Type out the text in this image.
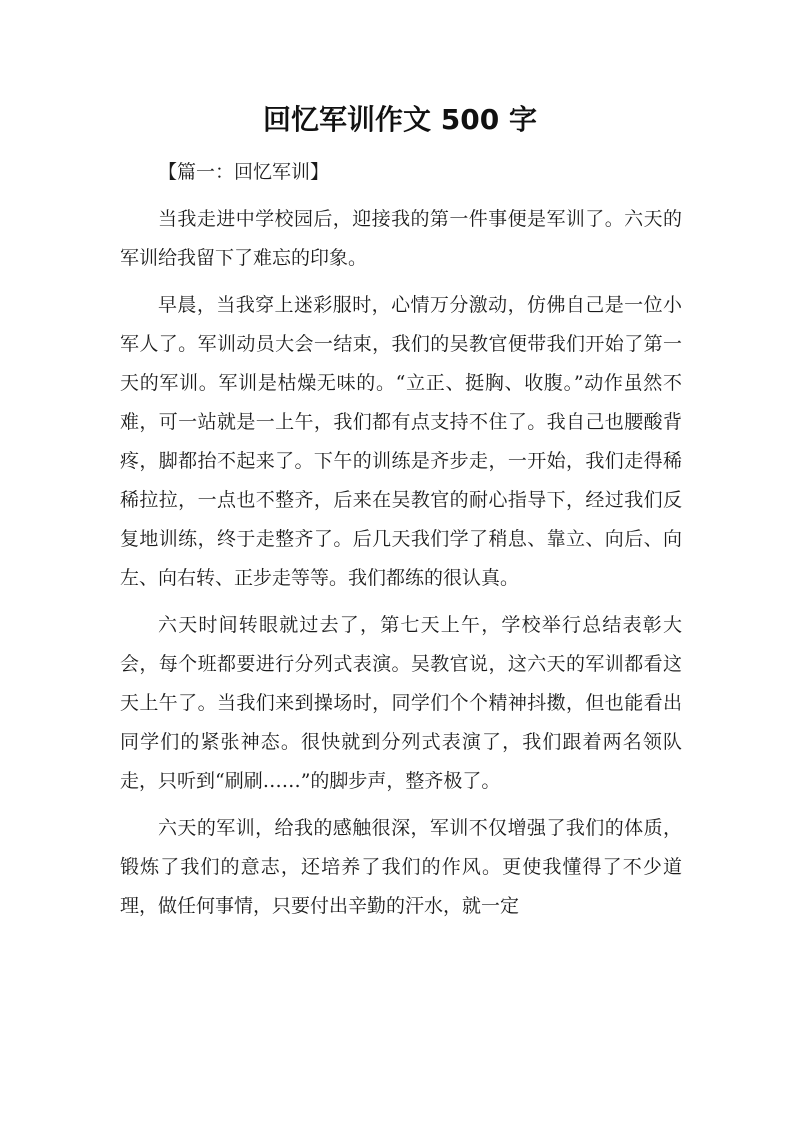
回忆军训作文 500 字

【篇一：回忆军训】

当我走进中学校园后，迎接我的第一件事便是军训了。六天的军训给我留下了难忘的印象。

早晨，当我穿上迷彩服时，心情万分激动，仿佛自己是一位小军人了。军训动员大会一结束，我们的吴教官便带我们开始了第一天的军训。军训是枯燥无味的。“立正、挺胸、收腹。”动作虽然不难，可一站就是一上午，我们都有点支持不住了。我自己也腰酸背疼，脚都抬不起来了。下午的训练是齐步走，一开始，我们走得稀稀拉拉，一点也不整齐，后来在吴教官的耐心指导下，经过我们反复地训练，终于走整齐了。后几天我们学了稍息、靠立、向后、向左、向右转、正步走等等。我们都练的很认真。

六天时间转眼就过去了，第七天上午，学校举行总结表彰大会，每个班都要进行分列式表演。吴教官说，这六天的军训都看这天上午了。当我们来到操场时，同学们个个精神抖擞，但也能看出同学们的紧张神态。很快就到分列式表演了，我们跟着两名领队走，只听到“刷刷……”的脚步声，整齐极了。

六天的军训，给我的感触很深，军训不仅增强了我们的体质，锻炼了我们的意志，还培养了我们的作风。更使我懂得了不少道理，做任何事情，只要付出辛勤的汗水，就一定
